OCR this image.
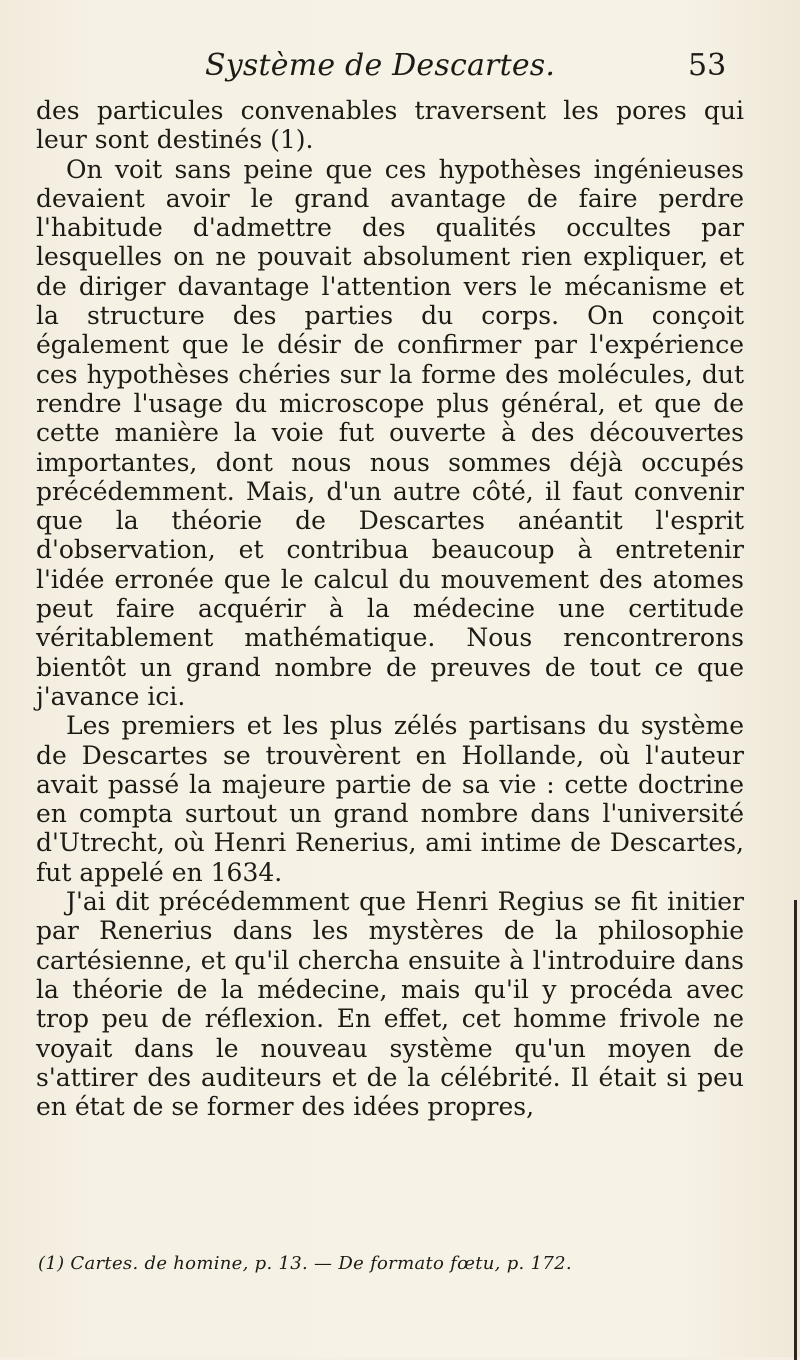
Système de Descartes.	53

des particules convenables traversent les pores qui leur sont destinés (1).

On voit sans peine que ces hypothèses ingénieuses devaient avoir le grand avantage de faire perdre l'habitude d'admettre des qualités occultes par lesquelles on ne pouvait absolument rien expliquer, et de diriger davantage l'attention vers le mécanisme et la structure des parties du corps. On conçoit également que le désir de confirmer par l'expérience ces hypothèses chéries sur la forme des molécules, dut rendre l'usage du microscope plus général, et que de cette manière la voie fut ouverte à des découvertes importantes, dont nous nous sommes déjà occupés précédemment. Mais, d'un autre côté, il faut convenir que la théorie de Descartes anéantit l'esprit d'observation, et contribua beaucoup à entretenir l'idée erronée que le calcul du mouvement des atomes peut faire acquérir à la médecine une certitude véritablement mathématique. Nous rencontrerons bientôt un grand nombre de preuves de tout ce que j'avance ici.

Les premiers et les plus zélés partisans du système de Descartes se trouvèrent en Hollande, où l'auteur avait passé la majeure partie de sa vie : cette doctrine en compta surtout un grand nombre dans l'université d'Utrecht, où Henri Renerius, ami intime de Descartes, fut appelé en 1634.

J'ai dit précédemment que Henri Regius se fit initier par Renerius dans les mystères de la philosophie cartésienne, et qu'il chercha ensuite à l'introduire dans la théorie de la médecine, mais qu'il y procéda avec trop peu de réflexion. En effet, cet homme frivole ne voyait dans le nouveau système qu'un moyen de s'attirer des auditeurs et de la célébrité. Il était si peu en état de se former des idées propres,

(1) Cartes. de homine, p. 13. — De formato fœtu, p. 172.
